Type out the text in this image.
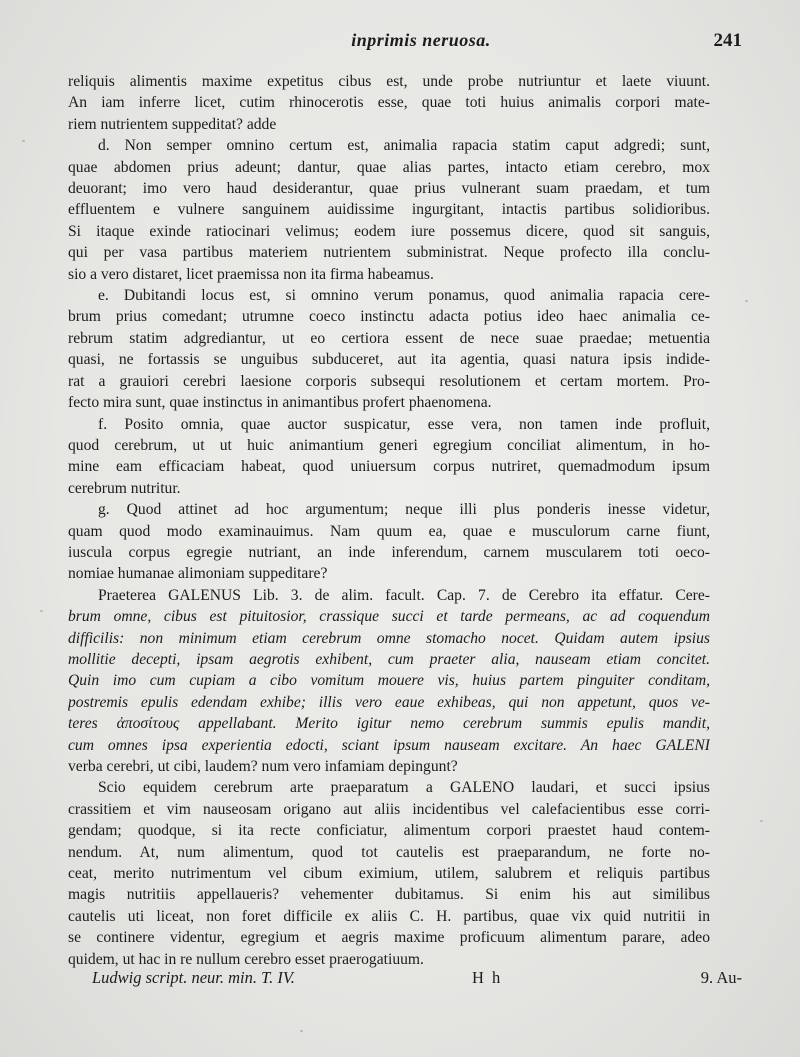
inprimis neruosa.	241
reliquis alimentis maxime expetitus cibus est, unde probe nutriuntur et laete viuunt.
An iam inferre licet, cutim rhinocerotis esse, quae toti huius animalis corpori mate-
riem nutrientem suppeditat? adde
d. Non semper omnino certum est, animalia rapacia statim caput adgredi; sunt,
quae abdomen prius adeunt; dantur, quae alias partes, intacto etiam cerebro, mox
deuorant; imo vero haud desiderantur, quae prius vulnerant suam praedam, et tum
effluentem e vulnere sanguinem auidissime ingurgitant, intactis partibus solidioribus.
Si itaque exinde ratiocinari velimus; eodem iure possemus dicere, quod sit sanguis,
qui per vasa partibus materiem nutrientem subministrat. Neque profecto illa conclu-
sio a vero distaret, licet praemissa non ita firma habeamus.
e. Dubitandi locus est, si omnino verum ponamus, quod animalia rapacia cere-
brum prius comedant; utrumne coeco instinctu adacta potius ideo haec animalia ce-
rebrum statim adgrediantur, ut eo certiora essent de nece suae praedae; metuentia
quasi, ne fortassis se unguibus subduceret, aut ita agentia, quasi natura ipsis indide-
rat a grauiori cerebri laesione corporis subsequi resolutionem et certam mortem. Pro-
fecto mira sunt, quae instinctus in animantibus profert phaenomena.
f. Posito omnia, quae auctor suspicatur, esse vera, non tamen inde profluit,
quod cerebrum, ut ut huic animantium generi egregium conciliat alimentum, in ho-
mine eam efficaciam habeat, quod uniuersum corpus nutriret, quemadmodum ipsum
cerebrum nutritur.
g. Quod attinet ad hoc argumentum; neque illi plus ponderis inesse videtur,
quam quod modo examinauimus. Nam quum ea, quae e musculorum carne fiunt,
iuscula corpus egregie nutriant, an inde inferendum, carnem muscularem toti oeco-
nomiae humanae alimoniam suppeditare?
Praeterea GALENUS Lib. 3. de alim. facult. Cap. 7. de Cerebro ita effatur. Cere-
brum omne, cibus est pituitosior, crassique succi et tarde permeans, ac ad coquendum
difficilis: non minimum etiam cerebrum omne stomacho nocet. Quidam autem ipsius
mollitie decepti, ipsam aegrotis exhibent, cum praeter alia, nauseam etiam concitet.
Quin imo cum cupiam a cibo vomitum mouere vis, huius partem pinguiter conditam,
postremis epulis edendam exhibe; illis vero eaue exhibeas, qui non appetunt, quos ve-
teres ἀποσίτους appellabant. Merito igitur nemo cerebrum summis epulis mandit,
cum omnes ipsa experientia edocti, sciant ipsum nauseam excitare. An haec GALENI
verba cerebri, ut cibi, laudem? num vero infamiam depingunt?
Scio equidem cerebrum arte praeparatum a GALENO laudari, et succi ipsius
crassitiem et vim nauseosam origano aut aliis incidentibus vel calefacientibus esse corri-
gendam; quodque, si ita recte conficiatur, alimentum corpori praestet haud contem-
nendum. At, num alimentum, quod tot cautelis est praeparandum, ne forte no-
ceat, merito nutrimentum vel cibum eximium, utilem, salubrem et reliquis partibus
magis nutritiis appellaueris? vehementer dubitamus. Si enim his aut similibus
cautelis uti liceat, non foret difficile ex aliis C. H. partibus, quae vix quid nutritii in
se continere videntur, egregium et aegris maxime proficuum alimentum parare, adeo
quidem, ut hac in re nullum cerebro esset praerogatiuum.
Ludwig script. neur. min. T. IV.	H h	9. Au-
